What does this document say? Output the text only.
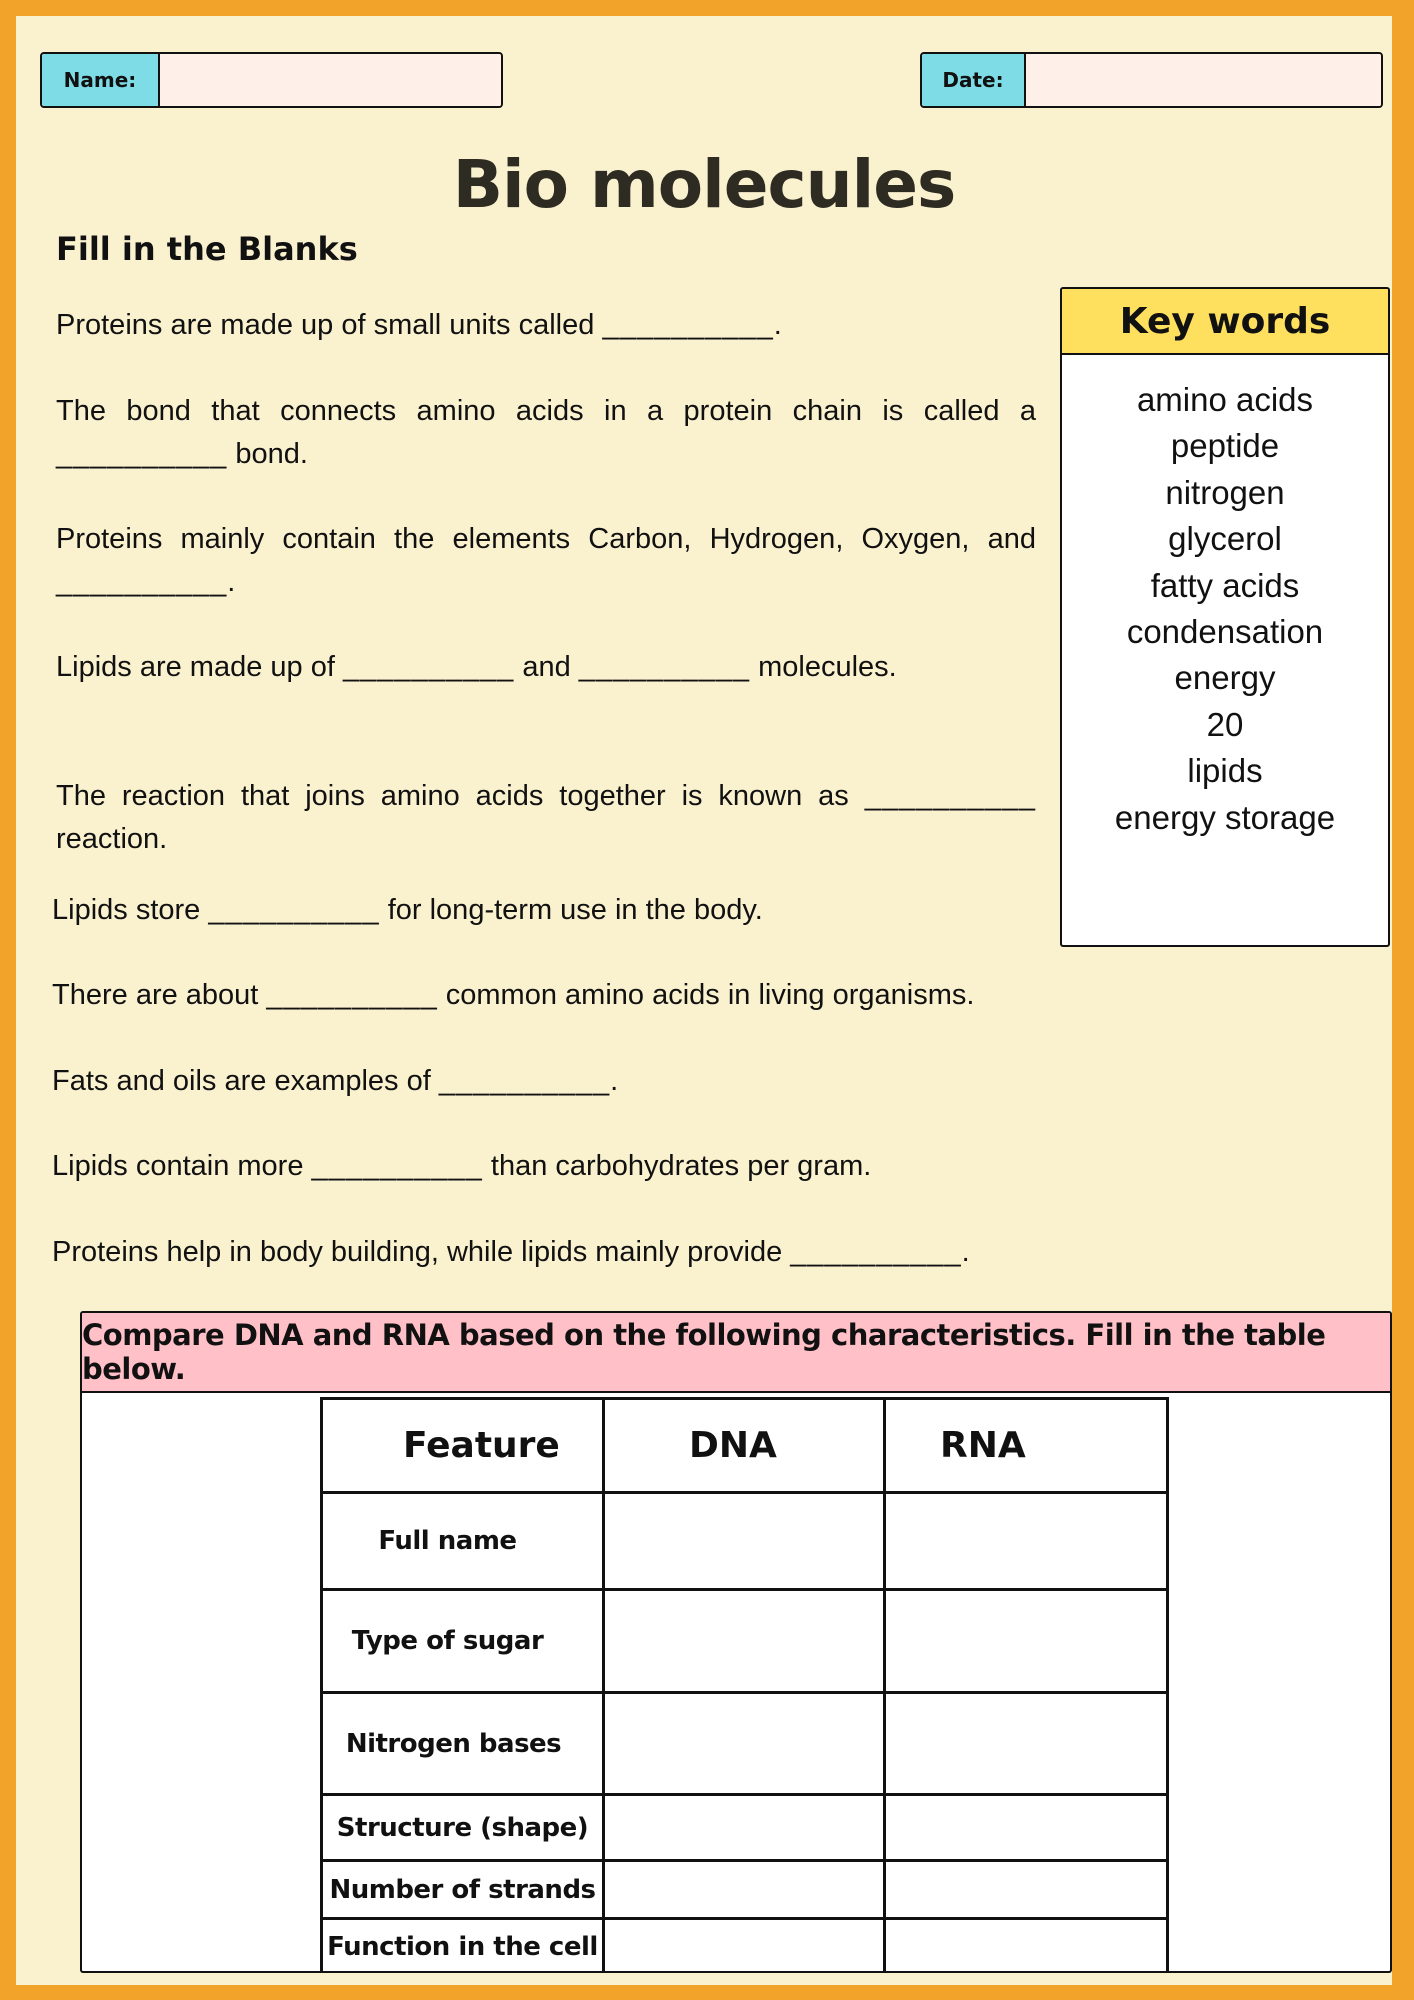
Name:	Date:
Bio molecules
Fill in the Blanks
Proteins are made up of small units called __________.
The bond that connects amino acids in a protein chain is called a __________ bond.
Proteins mainly contain the elements Carbon, Hydrogen, Oxygen, and __________.
Lipids are made up of __________ and __________ molecules.
The reaction that joins amino acids together is known as __________ reaction.
Lipids store __________ for long-term use in the body.
There are about __________ common amino acids in living organisms.
Fats and oils are examples of __________.
Lipids contain more __________ than carbohydrates per gram.
Proteins help in body building, while lipids mainly provide __________.
Key words
amino acids
peptide
nitrogen
glycerol
fatty acids
condensation
energy
20
lipids
energy storage
Compare DNA and RNA based on the following characteristics. Fill in the table below.
Feature	DNA	RNA
Full name		
Type of sugar		
Nitrogen bases		
Structure (shape)		
Number of strands		
Function in the cell		
